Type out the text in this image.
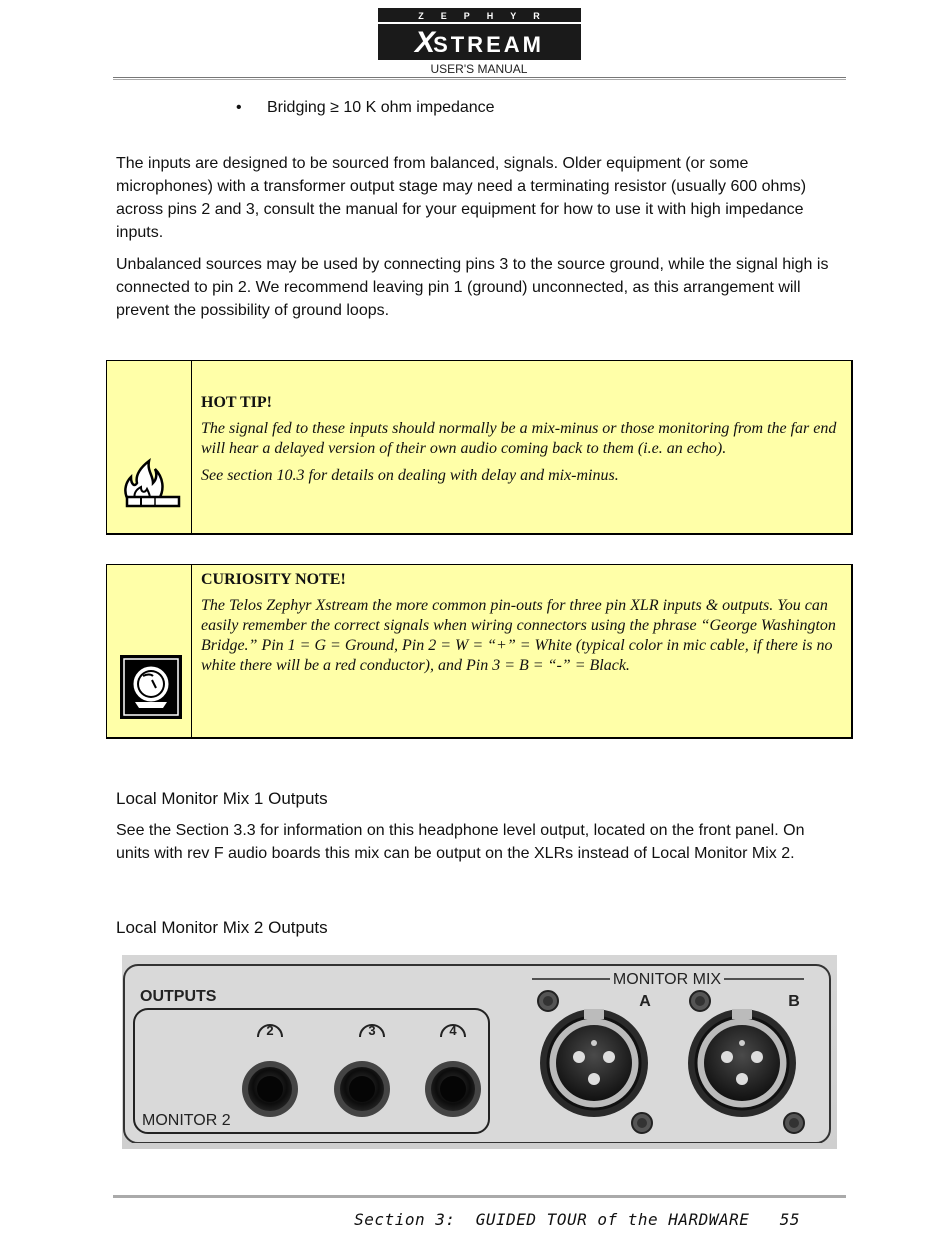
ZEPHYR
XSTREAM
USER'S MANUAL
• Bridging ≥ 10 K ohm impedance
The inputs are designed to be sourced from balanced, signals. Older equipment (or some microphones) with a transformer output stage may need a terminating resistor (usually 600 ohms) across pins 2 and 3, consult the manual for your equipment for how to use it with high impedance inputs.
Unbalanced sources may be used by connecting pins 3 to the source ground, while the signal high is connected to pin 2. We recommend leaving pin 1 (ground) unconnected, as this arrangement will prevent the possibility of ground loops.
HOT TIP!
The signal fed to these inputs should normally be a mix-minus or those monitoring from the far end will hear a delayed version of their own audio coming back to them (i.e. an echo).
See section 10.3 for details on dealing with delay and mix-minus.
CURIOSITY NOTE!
The Telos Zephyr Xstream the more common pin-outs for three pin XLR inputs & outputs. You can easily remember the correct signals when wiring connectors using the phrase “George Washington Bridge.” Pin 1 = G = Ground, Pin 2 = W = “+” = White (typical color in mic cable, if there is no white there will be a red conductor), and Pin 3 = B = “-” = Black.
Local Monitor Mix 1 Outputs
See the Section 3.3 for information on this headphone level output, located on the front panel. On units with rev F audio boards this mix can be output on the XLRs instead of Local Monitor Mix 2.
Local Monitor Mix 2 Outputs
OUTPUTS
MONITOR 2
MONITOR MIX
2	3	4
A	B
Section 3:  GUIDED TOUR of the HARDWARE   55
